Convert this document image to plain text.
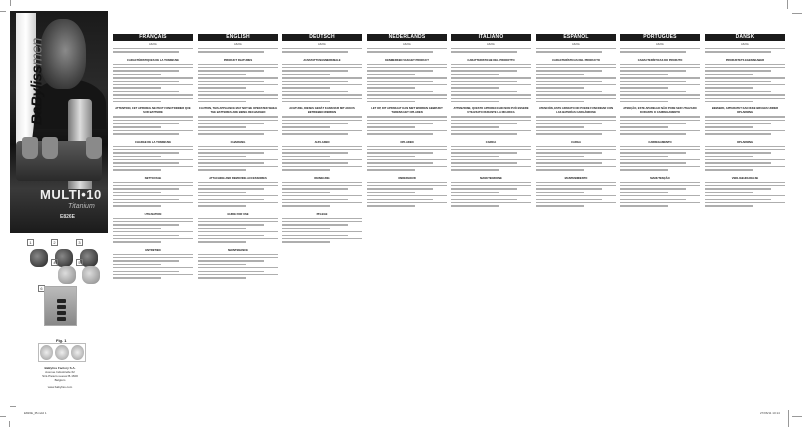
BaBylissmen
MULTI•10
Titanium
E826E
1	2	3
4	5
6
Fig. 1
BaByliss Factory S.A.
Avenue Industrielle 62
Sint-Pieters-Leeuw B-1600
Belgium
www.babyliss.com
E826E_IB.indd 1	27/06/11 10:14
FRANÇAIS
E826E
CARACTÉRISTIQUES DE LA TONDEUSE
ATTENTION, CET APPAREIL NE PEUT FONCTIONNER QUE SUR BATTERIE
CHARGE DE LA TONDEUSE
NETTOYAGE
UTILISATION
ENTRETIEN
ENGLISH
E826E
PRODUCT FEATURES
CAUTION, THIS APPLIANCE MAY NOT BE OPERATED WHILE THE BATTERIES ARE BEING RECHARGED
CHARGING
ATTACHING AND REMOVING ACCESSORIES
GUIDE FOR USE
MAINTENANCE
DEUTSCH
E826E
AUSSTATTUNGSMERKMALE
ACHTUNG, DIESES GERÄT KANN NUR MIT AKKUS BETRIEBEN WERDEN
AUFLADEN
REINIGUNG
PFLEGE
NEDERLANDS
E826E
KENMERKEN VAN HET PRODUCT
LET OP, DIT APPARAAT KAN NIET WORDEN GEBRUIKT TIJDENS HET OPLADEN
OPLADEN
ONDERHOUD
ITALIANO
E826E
CARATTERISTICHE DEL PRODOTTO
ATTENZIONE, QUESTO APPARECCHIO NON PUÒ ESSERE UTILIZZATO DURANTE LA RICARICA
CARICA
MANUTENZIONE
ESPAÑOL
E826E
CARACTERÍSTICAS DEL PRODUCTO
ATENCIÓN, ESTE APARATO NO PUEDE FUNCIONAR CON LAS BATERÍAS CARGÁNDOSE
CARGA
MANTENIMIENTO
PORTUGUÊS
E826E
CARACTERÍSTICAS DO PRODUTO
ATENÇÃO, ESTE APARELHO NÃO PODE SER UTILIZADO DURANTE O CARREGAMENTO
CARREGAMENTO
MANUTENÇÃO
DANSK
E826E
PRODUKTETS EGENSKABER
BEMÆRK, APPARATET KAN IKKE BRUGES UNDER OPLADNING
OPLADNING
VEDLIGEHOLDELSE
